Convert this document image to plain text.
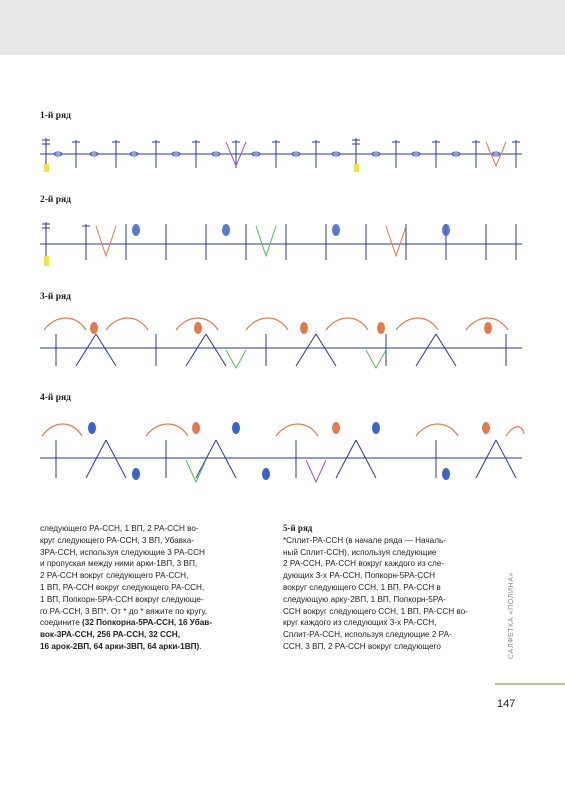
1-й ряд
2-й ряд
3-й ряд
4-й ряд

следующего РА-ССН, 1 ВП, 2 РА-ССН во-

круг следующего РА-ССН, 3 ВП, Убавка-

3РА-ССН, используя следующие 3 РА-ССН

и пропуская между ними арки-1ВП, 3 ВП,

2 РА-ССН вокруг следующего РА-ССН,

1 ВП, РА-ССН вокруг следующего РА-ССН,

1 ВП, Попкорн-5РА-ССН вокруг следующе-

го РА-ССН, 3 ВП*. От * до * вяжите по кругу,

соедините (32 Попкорна-5РА-ССН, 16 Убав-

вок-3РА-ССН, 256 РА-ССН, 32 ССН,

16 арок-2ВП, 64 арки-3ВП, 64 арки-1ВП).

5-й ряд

*Сплит-РА-ССН (в начале ряда — Началь-

ный Сплит-ССН), используя следующие

2 РА-ССН, РА-ССН вокруг каждого из сле-

дующих 3-х РА-ССН, Попкорн-5РА-ССН

вокруг следующего ССН, 1 ВП, РА-ССН в

следующую арку-2ВП, 1 ВП, Попкорн-5РА-

ССН вокруг следующего ССН, 1 ВП, РА-ССН во-

круг каждого из следующих 3-х РА-ССН,

Сплит-РА-ССН, используя следующие 2 РА-

ССН, 3 ВП, 2 РА-ССН вокруг следующего	САЛФЕТКА «ПОЛИНА»
147
